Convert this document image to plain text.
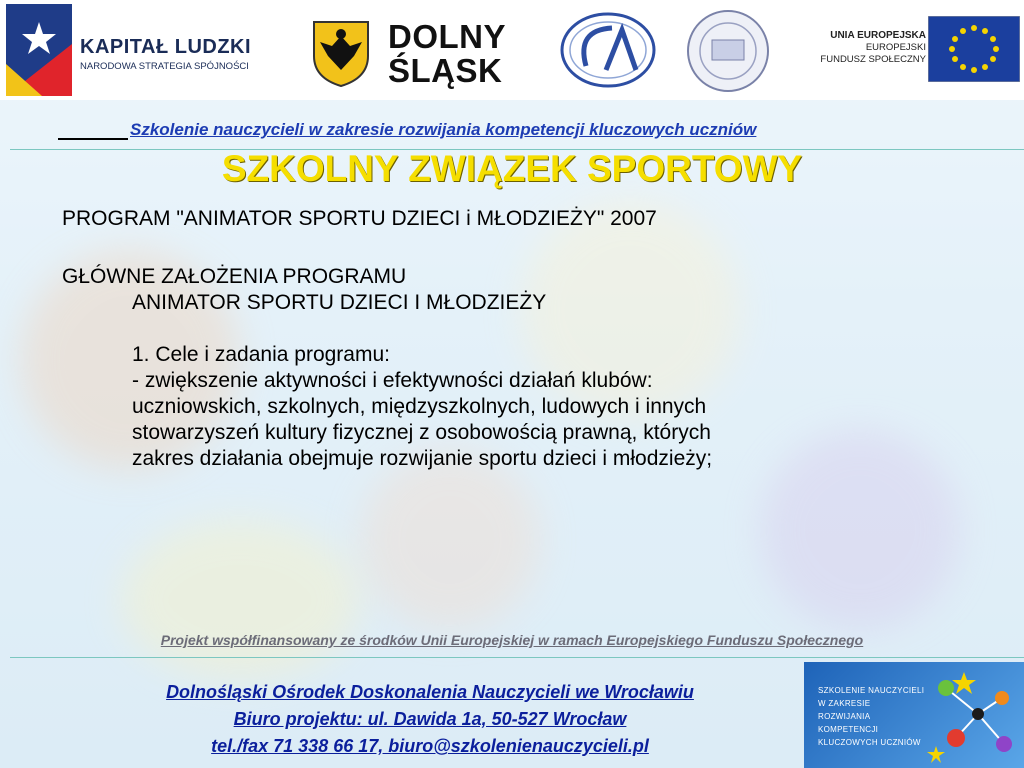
KAPITAŁ LUDZKI
NARODOWA STRATEGIA SPÓJNOŚCI
DOLNY
ŚLĄSK
UNIA EUROPEJSKA
EUROPEJSKI
FUNDUSZ SPOŁECZNY
Szkolenie nauczycieli w zakresie rozwijania kompetencji kluczowych uczniów
SZKOLNY ZWIĄZEK SPORTOWY

PROGRAM "ANIMATOR SPORTU DZIECI i MŁODZIEŻY" 2007

GŁÓWNE ZAŁOŻENIA PROGRAMU

ANIMATOR SPORTU DZIECI I MŁODZIEŻY

1. Cele i zadania programu:

- zwiększenie aktywności i efektywności działań klubów:

uczniowskich, szkolnych, międzyszkolnych, ludowych i innych

stowarzyszeń kultury fizycznej z osobowością prawną, których

zakres działania obejmuje rozwijanie sportu dzieci i młodzieży;

Projekt współfinansowany ze środków Unii Europejskiej w ramach Europejskiego Funduszu Społecznego
Dolnośląski Ośrodek Doskonalenia Nauczycieli we Wrocławiu
Biuro projektu: ul. Dawida 1a, 50-527 Wrocław
tel./fax 71 338 66 17, biuro@szkolenienauczycieli.pl
SZKOLENIE NAUCZYCIELI
W ZAKRESIE
ROZWIJANIA
KOMPETENCJI
KLUCZOWYCH UCZNIÓW
